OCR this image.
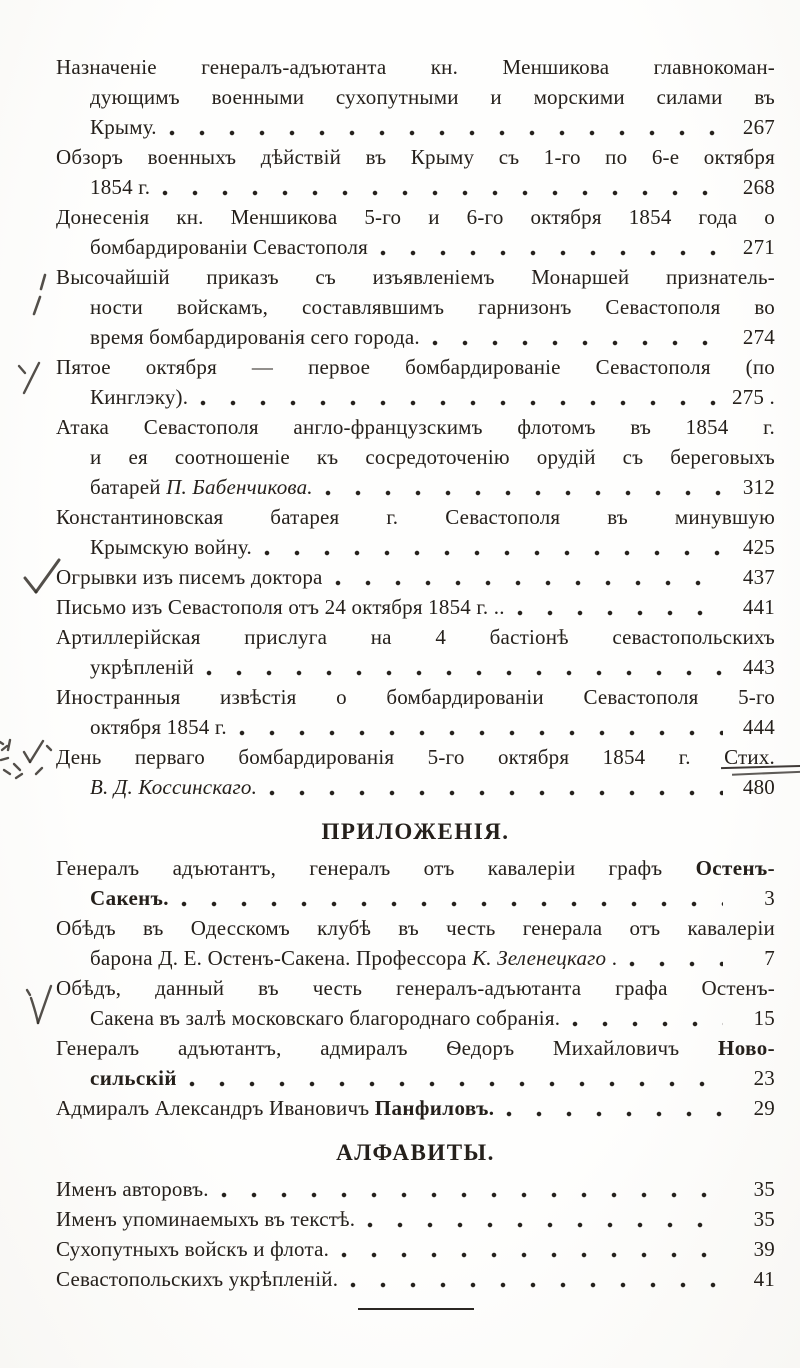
Назначеніе генералъ-адъютанта кн. Меншикова главнокоман-
дующимъ военными сухопутными и морскими силами въ
Крыму.	267
Обзоръ военныхъ дѣйствій въ Крыму съ 1-го по 6-е октября
1854 г.	268
Донесенія кн. Меншикова 5-го и 6-го октября 1854 года о
бомбардированіи Севастополя	271
Высочайшій приказъ съ изъявленіемъ Монаршей признатель-
ности войскамъ, составлявшимъ гарнизонъ Севастополя во
время бомбардированія сего города.	274
Пятое октября — первое бомбардированіе Севастополя (по
Кинглэку).	275 .
Атака Севастополя англо-французскимъ флотомъ въ 1854 г.
и ея соотношеніе къ сосредоточенію орудій съ береговыхъ
батарей П. Бабенчикова.	312
Константиновская батарея г. Севастополя въ минувшую
Крымскую войну.	425
Огрывки изъ писемъ доктора	437
Письмо изъ Севастополя отъ 24 октября 1854 г. ..	441
Артиллерійская прислуга на 4 бастіонѣ севастопольскихъ
укрѣпленій	443
Иностранныя извѣстія о бомбардированіи Севастополя 5-го
октября 1854 г.	444
День перваго бомбардированія 5-го октября 1854 г. Стих.
В. Д. Коссинскаго.	480
ПРИЛОЖЕНІЯ.
Генералъ адъютантъ, генералъ отъ кавалеріи графъ Остенъ-
Сакенъ.	3
Обѣдъ въ Одесскомъ клубѣ въ честь генерала отъ кавалеріи
барона Д. Е. Остенъ-Сакена. Профессора К. Зеленецкаго .	7
Обѣдъ, данный въ честь генералъ-адъютанта графа Остенъ-
Сакена въ залѣ московскаго благороднаго собранія.	15
Генералъ адъютантъ, адмиралъ Ѳедоръ Михайловичъ Ново-
сильскій	23
Адмиралъ Александръ Ивановичъ Панфиловъ.	29
АЛФАВИТЫ.
Именъ авторовъ.	35
Именъ упоминаемыхъ въ текстѣ.	35
Сухопутныхъ войскъ и флота.	39
Севастопольскихъ укрѣпленій.	41
